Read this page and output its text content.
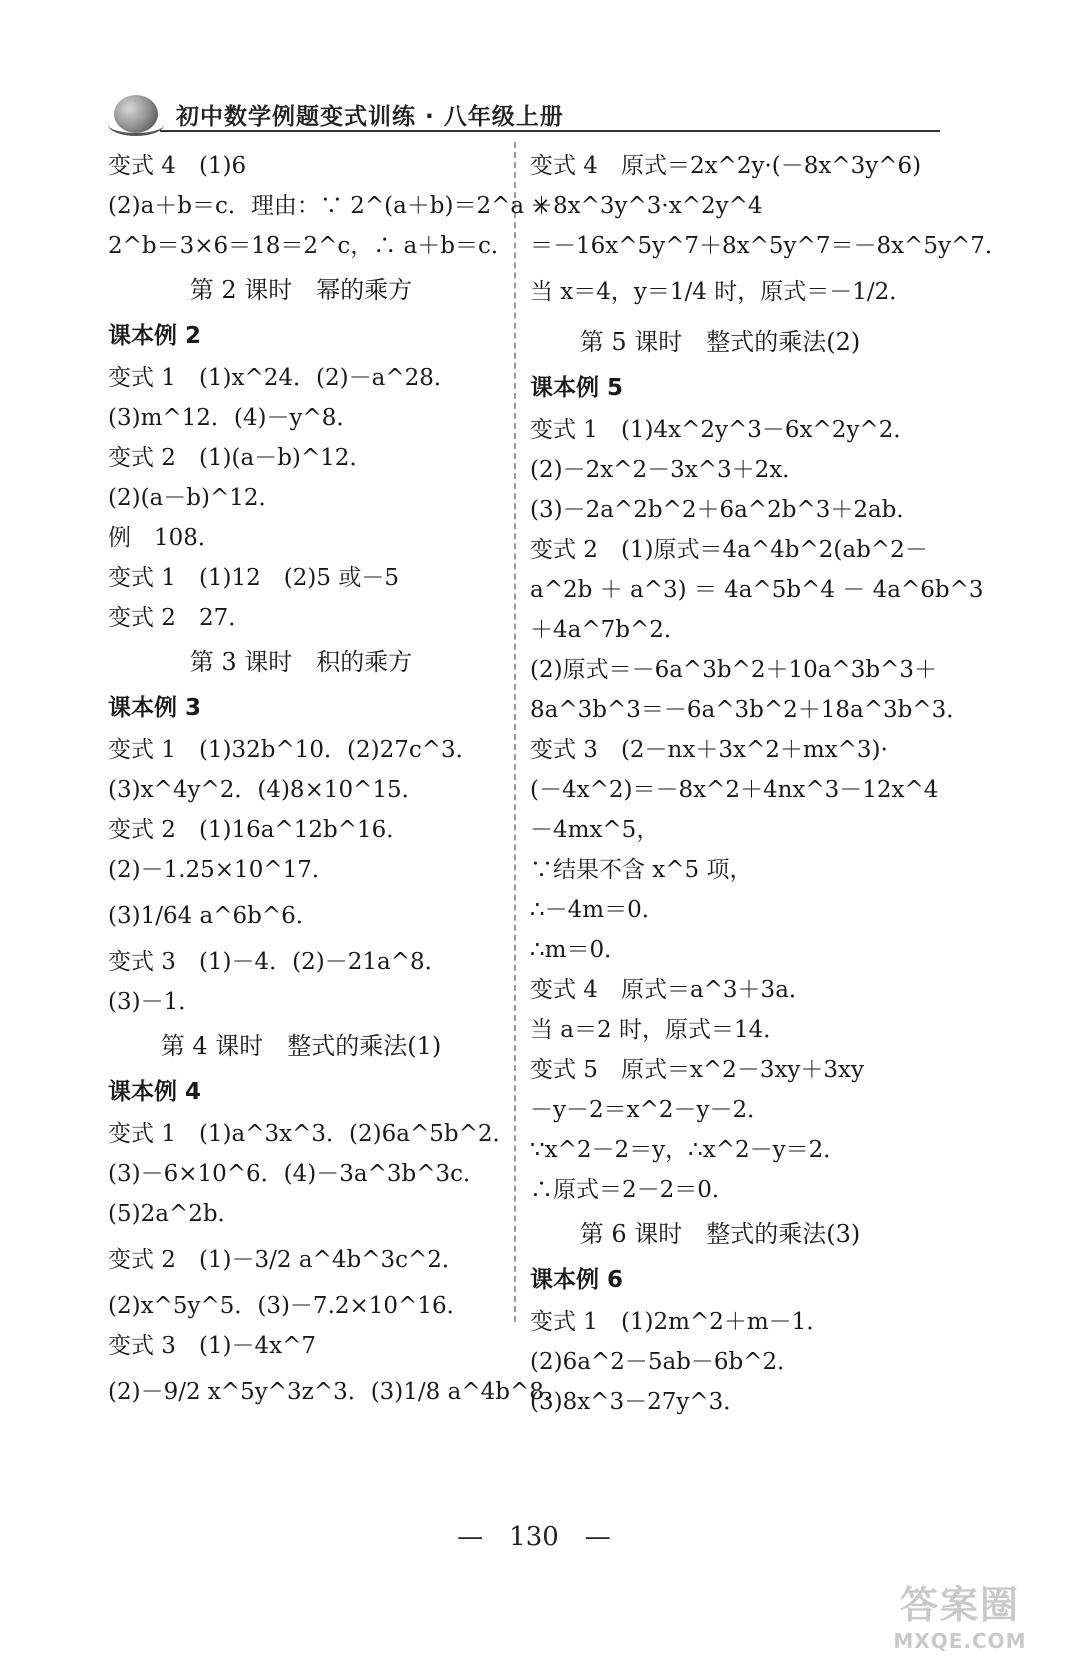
初中数学例题变式训练 · 八年级上册
变式 4　(1)6
(2)a＋b＝c．理由：∵ 2^(a＋b)＝2^a ×
2^b＝3×6＝18＝2^c，∴ a＋b＝c．
第 2 课时　幂的乘方
课本例 2
变式 1　(1)x^24．(2)－a^28．
(3)m^12．(4)－y^8．
变式 2　(1)(a－b)^12．
(2)(a－b)^12．
例　108．
变式 1　(1)12　(2)5 或－5
变式 2　27．
第 3 课时　积的乘方
课本例 3
变式 1　(1)32b^10．(2)27c^3．
(3)x^4y^2．(4)8×10^15．
变式 2　(1)16a^12b^16．
(2)－1.25×10^17．
(3)1/64 a^6b^6．
变式 3　(1)－4．(2)－21a^8．
(3)－1．
第 4 课时　整式的乘法(1)
课本例 4
变式 1　(1)a^3x^3．(2)6a^5b^2．
(3)－6×10^6．(4)－3a^3b^3c．
(5)2a^2b．
变式 2　(1)－3/2 a^4b^3c^2．
(2)x^5y^5．(3)－7.2×10^16．
变式 3　(1)－4x^7
(2)－9/2 x^5y^3z^3．(3)1/8 a^4b^8．
变式 4　原式＝2x^2y·(－8x^3y^6)
＋8x^3y^3·x^2y^4
＝－16x^5y^7＋8x^5y^7＝－8x^5y^7．
当 x＝4，y＝1/4 时，原式＝－1/2．
第 5 课时　整式的乘法(2)
课本例 5
变式 1　(1)4x^2y^3－6x^2y^2．
(2)－2x^2－3x^3＋2x．
(3)－2a^2b^2＋6a^2b^3＋2ab．
变式 2　(1)原式＝4a^4b^2(ab^2－
a^2b ＋ a^3) ＝ 4a^5b^4 － 4a^6b^3
＋4a^7b^2．
(2)原式＝－6a^3b^2＋10a^3b^3＋
8a^3b^3＝－6a^3b^2＋18a^3b^3．
变式 3　(2－nx＋3x^2＋mx^3)·
(－4x^2)＝－8x^2＋4nx^3－12x^4
－4mx^5，
∵结果不含 x^5 项，
∴－4m＝0．
∴m＝0．
变式 4　原式＝a^3＋3a．
当 a＝2 时，原式＝14．
变式 5　原式＝x^2－3xy＋3xy
－y－2＝x^2－y－2．
∵x^2－2＝y，∴x^2－y＝2．
∴原式＝2－2＝0．
第 6 课时　整式的乘法(3)
课本例 6
变式 1　(1)2m^2＋m－1．
(2)6a^2－5ab－6b^2．
(3)8x^3－27y^3．
—　130　—
答案圈
MXQE.COM
